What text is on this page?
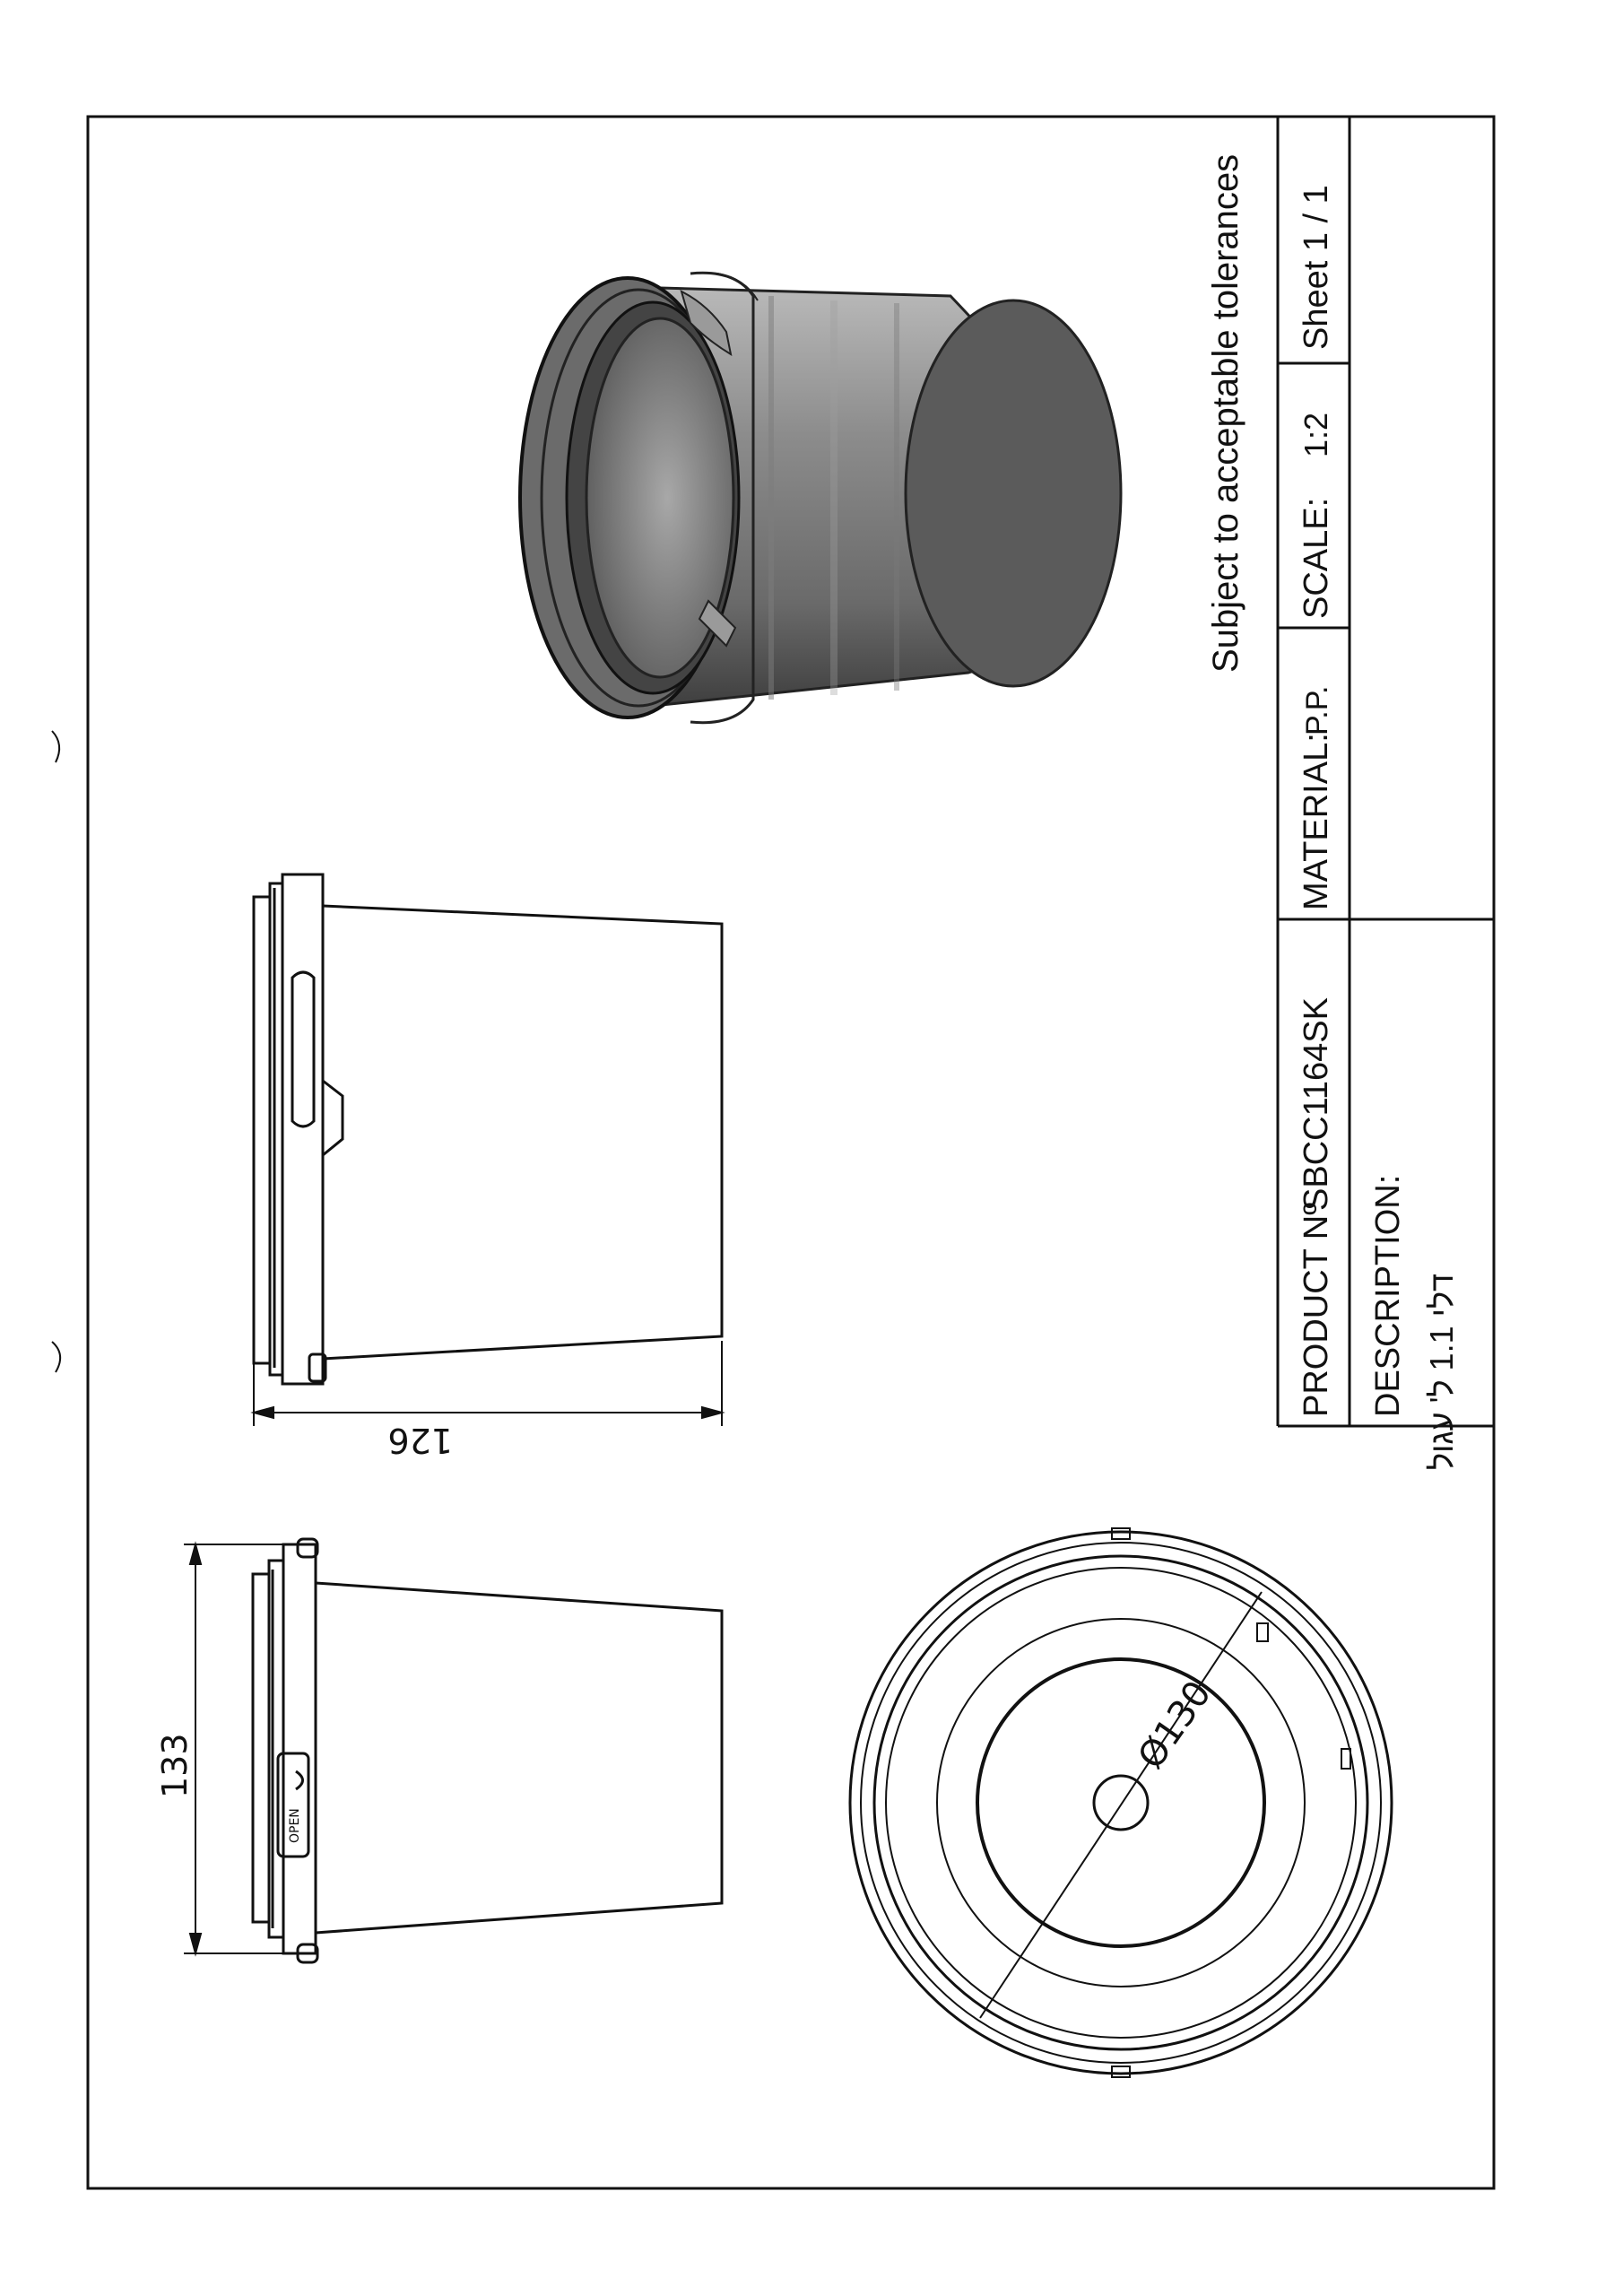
PRODUCT Nº
SBCC1164SK
MATERIAL:
P.P.
SCALE:
1:2
Sheet 1 / 1
DESCRIPTION:
דלי 1.1 ל' עגול
Subject to acceptable tolerances
OPEN
133
126
Ø130
